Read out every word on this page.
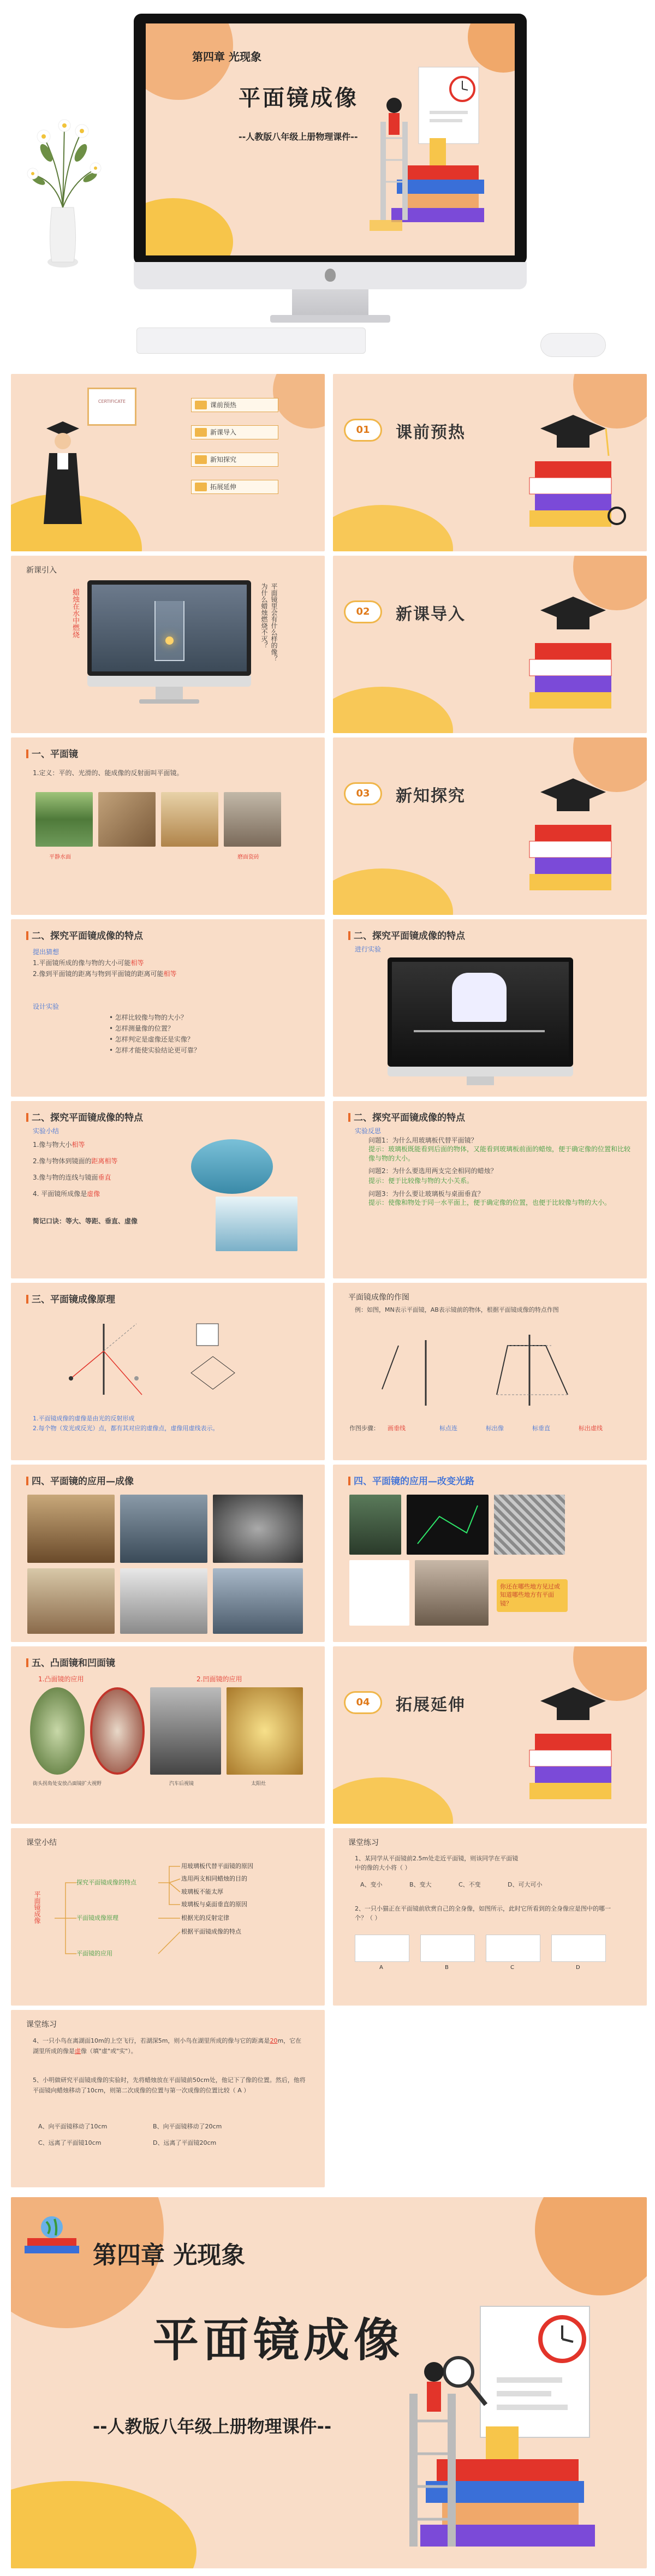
第四章 光现象
平面镜成像
--人教版八年级上册物理课件--
CERTIFICATE	课前预热
新课导入
新知探究
拓展延伸
01	课前预热
新课引入
蜡烛在水中燃烧	平面镜里会有什么样的像？为什么蜡烛燃烧不灭？	02	新课导入
一、平面镜
1.定义：平的、光滑的、能成像的反射面叫平面镜。
平静水面	磨面瓷砖
03	新知探究
二、探究平面镜成像的特点
提出猜想
1.平面镜所成的像与物的大小可能相等
2.像到平面镜的距离与物到平面镜的距离可能相等
设计实验
• 怎样比较像与物的大小？
• 怎样测量像的位置？
• 怎样判定是虚像还是实像？
• 怎样才能使实验结论更可靠？
二、探究平面镜成像的特点
进行实验
二、探究平面镜成像的特点
实验小结
1.像与物大小相等
2.像与物体到镜面的距离相等
3.像与物的连线与镜面垂直
4. 平面镜所成像是虚像
简记口诀：等大、等距、垂直、虚像
二、探究平面镜成像的特点
实验反思
问题1：为什么用玻璃板代替平面镜？
提示：玻璃板既能看到后面的物体，又能看到玻璃板前面的蜡烛，便于确定像的位置和比较像与物的大小。
问题2：为什么要选用两支完全相同的蜡烛？
提示：便于比较像与物的大小关系。
问题3：为什么要让玻璃板与桌面垂直？
提示：使像和物处于同一水平面上，便于确定像的位置，也便于比较像与物的大小。
三、平面镜成像原理
1.平面镜成像的虚像是由光的反射形成
2.每个物（发光或反光）点，都有其对应的虚像点，虚像用虚线表示。
平面镜成像的作图
例：如图，MN表示平面镜，AB表示镜前的物体，根据平面镜成像的特点作图
作图步骤： 画垂线	标点连	标出像	标垂直	标出虚线
四、平面镜的应用—成像	四、平面镜的应用—改变光路
你还在哪些地方见过或知道哪些地方有平面镜？
五、凸面镜和凹面镜
1.凸面镜的应用	2.凹面镜的应用
街头拐角处安放凸面镜扩大视野	汽车后视镜	太阳灶
04	拓展延伸
课堂小结
平面镜成像
探究平面镜成像的特点
平面镜成像原理
平面镜的应用
用玻璃板代替平面镜的原因
选用两支相同蜡烛的目的
玻璃板不能太厚
玻璃板与桌面垂直的原因
根据光的反射定律
根据平面镜成像的特点
课堂练习
1、某同学从平面镜前2.5m处走近平面镜，则该同学在平面镜中的像的大小将（ ）
A、变小	B、变大	C、不变	D、可大可小
2、一只小猫正在平面镜前欣赏自己的全身像，如图所示，此时它所看到的全身像应是图中的哪一个？（ ）
A	B	C	D
课堂练习
4、一只小鸟在离湖面10m的上空飞行，若湖深5m，则小鸟在湖里所成的像与它的距离是20m，它在湖里所成的像是虚像（填"虚"或"实"）。
5、小明做研究平面镜成像的实验时，先将蜡烛放在平面镜前50cm处，他记下了像的位置。然后，他将平面镜向蜡烛移动了10cm，则第二次成像的位置与第一次成像的位置比较（ A ）
A、向平面镜移动了10cm	B、向平面镜移动了20cm
C、远离了平面镜10cm	D、远离了平面镜20cm
第四章 光现象
平面镜成像
--人教版八年级上册物理课件--
